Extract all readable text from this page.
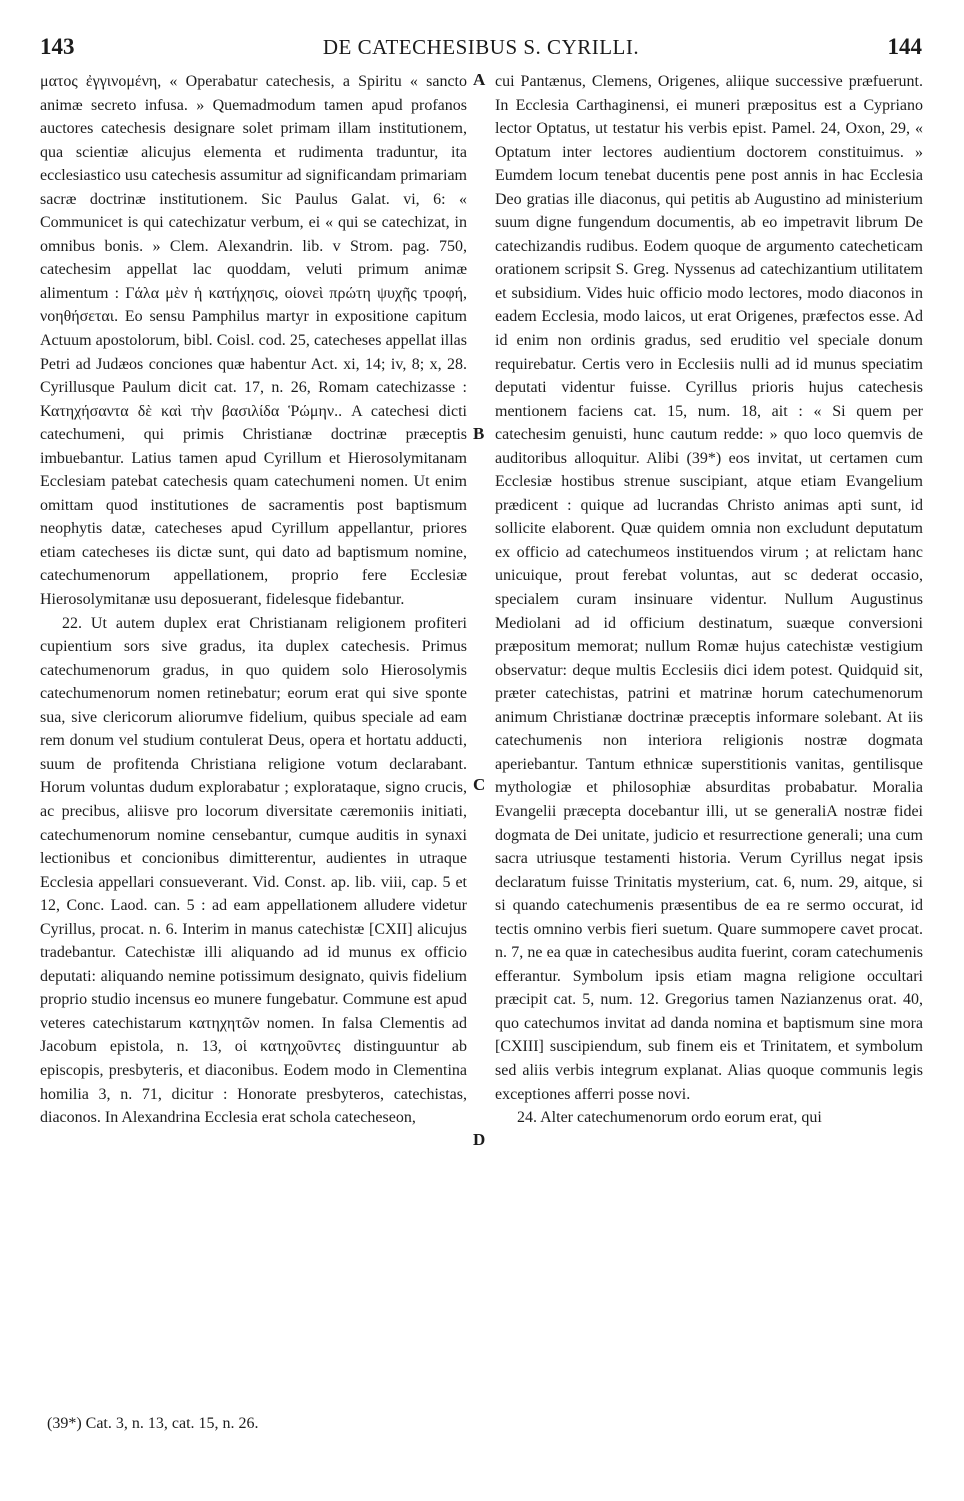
143	DE CATECHESIBUS S. CYRILLI.	144

ματος ἐγγινομένη, « Operabatur catechesis, a Spiritu « sancto animæ secreto infusa. » Quemadmodum tamen apud profanos auctores catechesis designare solet primam illam institutionem, qua scientiæ alicujus elementa et rudimenta traduntur, ita ecclesiastico usu catechesis assumitur ad significandam primariam sacræ doctrinæ institutionem. Sic Paulus Galat. vi, 6: « Communicet is qui catechizatur verbum, ei « qui se catechizat, in omnibus bonis. » Clem. Alexandrin. lib. v Strom. pag. 750, catechesim appellat lac quoddam, veluti primum animæ alimentum : Γάλα μὲν ἡ κατήχησις, οἱονεὶ πρώτη ψυχῆς τροφή, νοηθήσεται. Eo sensu Pamphilus martyr in expositione capitum Actuum apostolorum, bibl. Coisl. cod. 25, catecheses appellat illas Petri ad Judæos conciones quæ habentur Act. xi, 14; iv, 8; x, 28. Cyrillusque Paulum dicit cat. 17, n. 26, Romam catechizasse : Κατηχήσαντα δὲ καὶ τὴν βασιλίδα Ῥώμην.. A catechesi dicti catechumeni, qui primis Christianæ doctrinæ præceptis imbuebantur. Latius tamen apud Cyrillum et Hierosolymitanam Ecclesiam patebat catechesis quam catechumeni nomen. Ut enim omittam quod institutiones de sacramentis post baptismum neophytis datæ, catecheses apud Cyrillum appellantur, priores etiam catecheses iis dictæ sunt, qui dato ad baptismum nomine, catechumenorum appellationem, proprio fere Ecclesiæ Hierosolymitanæ usu deposuerant, fidelesque fidebantur.

22. Ut autem duplex erat Christianam religionem profiteri cupientium sors sive gradus, ita duplex catechesis. Primus catechumenorum gradus, in quo quidem solo Hierosolymis catechumenorum nomen retinebatur; eorum erat qui sive sponte sua, sive clericorum aliorumve fidelium, quibus speciale ad eam rem donum vel studium contulerat Deus, opera et hortatu adducti, suum de profitenda Christiana religione votum declarabant. Horum voluntas dudum explorabatur ; explorataque, signo crucis, ac precibus, aliisve pro locorum diversitate cæremoniis initiati, catechumenorum nomine censebantur, cumque auditis in synaxi lectionibus et concionibus dimitterentur, audientes in utraque Ecclesia appellari consueverant. Vid. Const. ap. lib. viii, cap. 5 et 12, Conc. Laod. can. 5 : ad eam appellationem alludere videtur Cyrillus, procat. n. 6. Interim in manus catechistæ [CXII] alicujus tradebantur. Catechistæ illi aliquando ad id munus ex officio deputati: aliquando nemine potissimum designato, quivis fidelium proprio studio incensus eo munere fungebatur. Commune est apud veteres catechistarum κατηχητῶν nomen. In falsa Clementis ad Jacobum epistola, n. 13, οἱ κατηχοῦντες distinguuntur ab episcopis, presbyteris, et diaconibus. Eodem modo in Clementina homilia 3, n. 71, dicitur : Honorate presbyteros, catechistas, diaconos. In Alexandrina Ecclesia erat schola catecheseon,

A
B
C
D

cui Pantænus, Clemens, Origenes, aliique successive præfuerunt. In Ecclesia Carthaginensi, ei muneri præpositus est a Cypriano lector Optatus, ut testatur his verbis epist. Pamel. 24, Oxon, 29, « Optatum inter lectores audientium doctorem constituimus. » Eumdem locum tenebat ducentis pene post annis in hac Ecclesia Deo gratias ille diaconus, qui petitis ab Augustino ad ministerium suum digne fungendum documentis, ab eo impetravit librum De catechizandis rudibus. Eodem quoque de argumento catecheticam orationem scripsit S. Greg. Nyssenus ad catechizantium utilitatem et subsidium. Vides huic officio modo lectores, modo diaconos in eadem Ecclesia, modo laicos, ut erat Origenes, præfectos esse. Ad id enim non ordinis gradus, sed eruditio vel speciale donum requirebatur. Certis vero in Ecclesiis nulli ad id munus speciatim deputati videntur fuisse. Cyrillus prioris hujus catechesis mentionem faciens cat. 15, num. 18, ait : « Si quem per catechesim genuisti, hunc cautum redde: » quo loco quemvis de auditoribus alloquitur. Alibi (39*) eos invitat, ut certamen cum Ecclesiæ hostibus strenue suscipiant, atque etiam Evangelium prædicent : quique ad lucrandas Christo animas apti sunt, id sollicite elaborent. Quæ quidem omnia non excludunt deputatum ex officio ad catechumeos instituendos virum ; at relictam hanc unicuique, prout ferebat voluntas, aut sc dederat occasio, specialem curam insinuare videntur. Nullum Augustinus Mediolani ad id officium destinatum, suæque conversioni præpositum memorat; nullum Romæ hujus catechistæ vestigium observatur: deque multis Ecclesiis dici idem potest. Quidquid sit, præter catechistas, patrini et matrinæ horum catechumenorum animum Christianæ doctrinæ præceptis informare solebant. At iis catechumenis non interiora religionis nostræ dogmata aperiebantur. Tantum ethnicæ superstitionis vanitas, gentilisque mythologiæ et philosophiæ absurditas probabatur. Moralia Evangelii præcepta docebantur illi, ut se generaliA nostræ fidei dogmata de Dei unitate, judicio et resurrectione generali; una cum sacra utriusque testamenti historia. Verum Cyrillus negat ipsis declaratum fuisse Trinitatis mysterium, cat. 6, num. 29, aitque, si si quando catechumenis præsentibus de ea re sermo occurat, id tectis omnino verbis fieri suetum. Quare summopere cavet procat. n. 7, ne ea quæ in catechesibus audita fuerint, coram catechumenis efferantur. Symbolum ipsis etiam magna religione occultari præcipit cat. 5, num. 12. Gregorius tamen Nazianzenus orat. 40, quo catechumos invitat ad danda nomina et baptismum sine mora [CXIII] suscipiendum, sub finem eis et Trinitatem, et symbolum sed aliis verbis integrum explanat. Alias quoque communis legis exceptiones afferri posse novi.

24. Alter catechumenorum ordo eorum erat, qui

(39*) Cat. 3, n. 13, cat. 15, n. 26.
